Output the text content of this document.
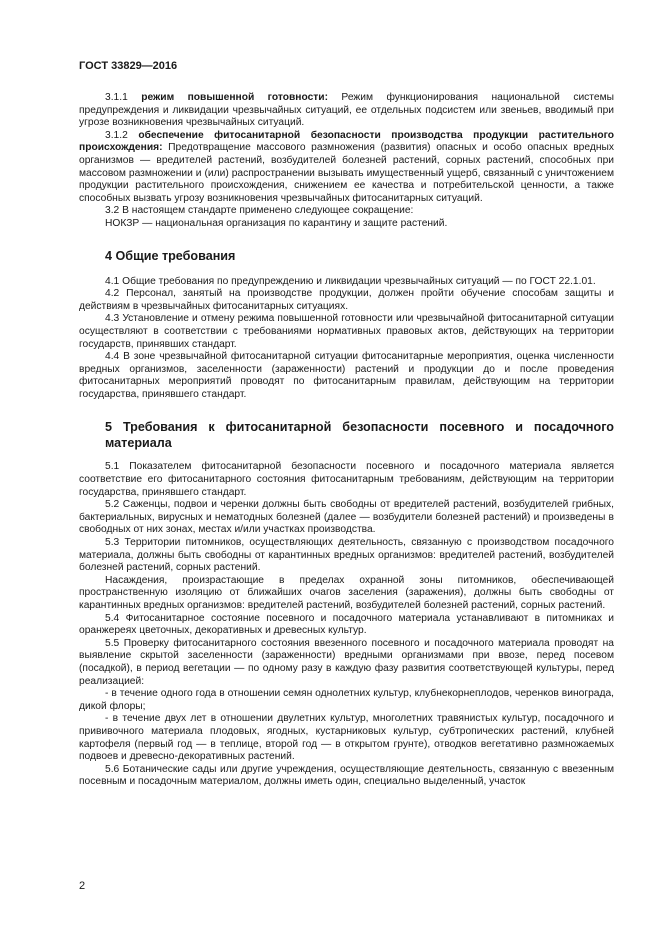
ГОСТ 33829—2016

3.1.1 режим повышенной готовности: Режим функционирования национальной системы предупреждения и ликвидации чрезвычайных ситуаций, ее отдельных подсистем или звеньев, вводимый при угрозе возникновения чрезвычайных ситуаций.

3.1.2 обеспечение фитосанитарной безопасности производства продукции растительного происхождения: Предотвращение массового размножения (развития) опасных и особо опасных вредных организмов — вредителей растений, возбудителей болезней растений, сорных растений, способных при массовом размножении и (или) распространении вызывать имущественный ущерб, связанный с уничтожением продукции растительного происхождения, снижением ее качества и потребительской ценности, а также способных вызвать угрозу возникновения чрезвычайных фитосанитарных ситуаций.

3.2 В настоящем стандарте применено следующее сокращение:

НОКЗР — национальная организация по карантину и защите растений.

4 Общие требования

4.1 Общие требования по предупреждению и ликвидации чрезвычайных ситуаций — по ГОСТ 22.1.01.

4.2 Персонал, занятый на производстве продукции, должен пройти обучение способам защиты и действиям в чрезвычайных фитосанитарных ситуациях.

4.3 Установление и отмену режима повышенной готовности или чрезвычайной фитосанитарной ситуации осуществляют в соответствии с требованиями нормативных правовых актов, действующих на территории государств, принявших стандарт.

4.4 В зоне чрезвычайной фитосанитарной ситуации фитосанитарные мероприятия, оценка численности вредных организмов, заселенности (зараженности) растений и продукции до и после проведения фитосанитарных мероприятий проводят по фитосанитарным правилам, действующим на территории государства, принявшего стандарт.

5 Требования к фитосанитарной безопасности посевного и посадочного материала

5.1 Показателем фитосанитарной безопасности посевного и посадочного материала является соответствие его фитосанитарного состояния фитосанитарным требованиям, действующим на территории государства, принявшего стандарт.

5.2 Саженцы, подвои и черенки должны быть свободны от вредителей растений, возбудителей грибных, бактериальных, вирусных и нематодных болезней (далее — возбудители болезней растений) и произведены в свободных от них зонах, местах и/или участках производства.

5.3 Территории питомников, осуществляющих деятельность, связанную с производством посадочного материала, должны быть свободны от карантинных вредных организмов: вредителей растений, возбудителей болезней растений, сорных растений.

Насаждения, произрастающие в пределах охранной зоны питомников, обеспечивающей пространственную изоляцию от ближайших очагов заселения (заражения), должны быть свободны от карантинных вредных организмов: вредителей растений, возбудителей болезней растений, сорных растений.

5.4 Фитосанитарное состояние посевного и посадочного материала устанавливают в питомниках и оранжереях цветочных, декоративных и древесных культур.

5.5 Проверку фитосанитарного состояния ввезенного посевного и посадочного материала проводят на выявление скрытой заселенности (зараженности) вредными организмами при ввозе, перед посевом (посадкой), в период вегетации — по одному разу в каждую фазу развития соответствующей культуры, перед реализацией:

- в течение одного года в отношении семян однолетних культур, клубнекорнеплодов, черенков винограда, дикой флоры;

- в течение двух лет в отношении двулетних культур, многолетних травянистых культур, посадочного и прививочного материала плодовых, ягодных, кустарниковых культур, субтропических растений, клубней картофеля (первый год — в теплице, второй год — в открытом грунте), отводков вегетативно размножаемых подвоев и древесно-декоративных растений.

5.6 Ботанические сады или другие учреждения, осуществляющие деятельность, связанную с ввезенным посевным и посадочным материалом, должны иметь один, специально выделенный, участок

2
